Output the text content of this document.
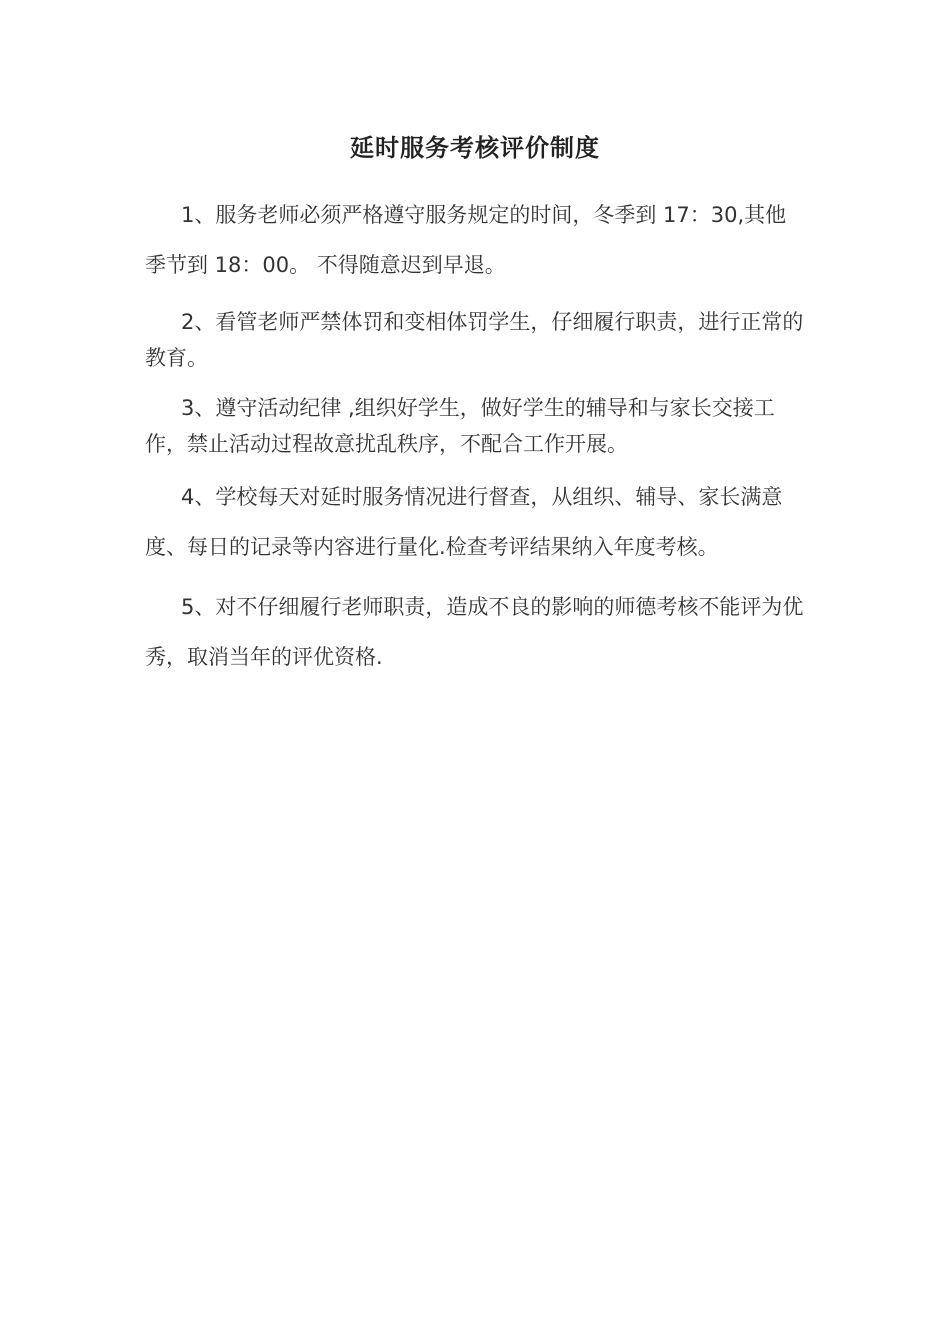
延时服务考核评价制度

1、服务老师必须严格遵守服务规定的时间，冬季到 17：30,其他季节到 18：00。 不得随意迟到早退。

2、看管老师严禁体罚和变相体罚学生，仔细履行职责，进行正常的教育。

3、遵守活动纪律 ,组织好学生，做好学生的辅导和与家长交接工作，禁止活动过程故意扰乱秩序，不配合工作开展。

4、学校每天对延时服务情况进行督查，从组织、辅导、家长满意度、每日的记录等内容进行量化.检查考评结果纳入年度考核。

5、对不仔细履行老师职责，造成不良的影响的师德考核不能评为优秀，取消当年的评优资格.
